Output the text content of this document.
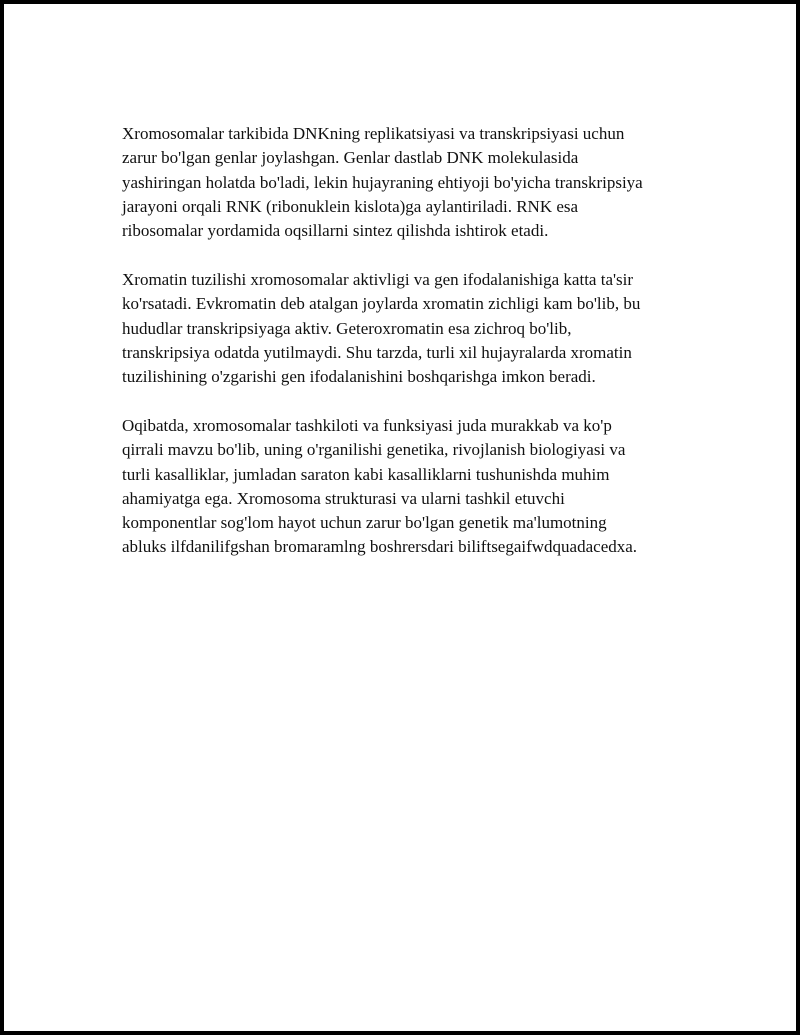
Xromosomalar tarkibida DNKning replikatsiyasi va transkripsiyasi uchun
zarur bo'lgan genlar joylashgan. Genlar dastlab DNK molekulasida
yashiringan holatda bo'ladi, lekin hujayraning ehtiyoji bo'yicha transkripsiya
jarayoni orqali RNK (ribonuklein kislota)ga aylantiriladi. RNK esa
ribosomalar yordamida oqsillarni sintez qilishda ishtirok etadi.

Xromatin tuzilishi xromosomalar aktivligi va gen ifodalanishiga katta ta'sir
ko'rsatadi. Evkromatin deb atalgan joylarda xromatin zichligi kam bo'lib, bu
hududlar transkripsiyaga aktiv. Geteroxromatin esa zichroq bo'lib,
transkripsiya odatda yutilmaydi. Shu tarzda, turli xil hujayralarda xromatin
tuzilishining o'zgarishi gen ifodalanishini boshqarishga imkon beradi.

Oqibatda, xromosomalar tashkiloti va funksiyasi juda murakkab va ko'p
qirrali mavzu bo'lib, uning o'rganilishi genetika, rivojlanish biologiyasi va
turli kasalliklar, jumladan saraton kabi kasalliklarni tushunishda muhim
ahamiyatga ega. Xromosoma strukturasi va ularni tashkil etuvchi
komponentlar sog'lom hayot uchun zarur bo'lgan genetik ma'lumotning
abluks ilfdanilifgshan bromaramlng boshrersdari biliftsegaifwdquadacedxa.
